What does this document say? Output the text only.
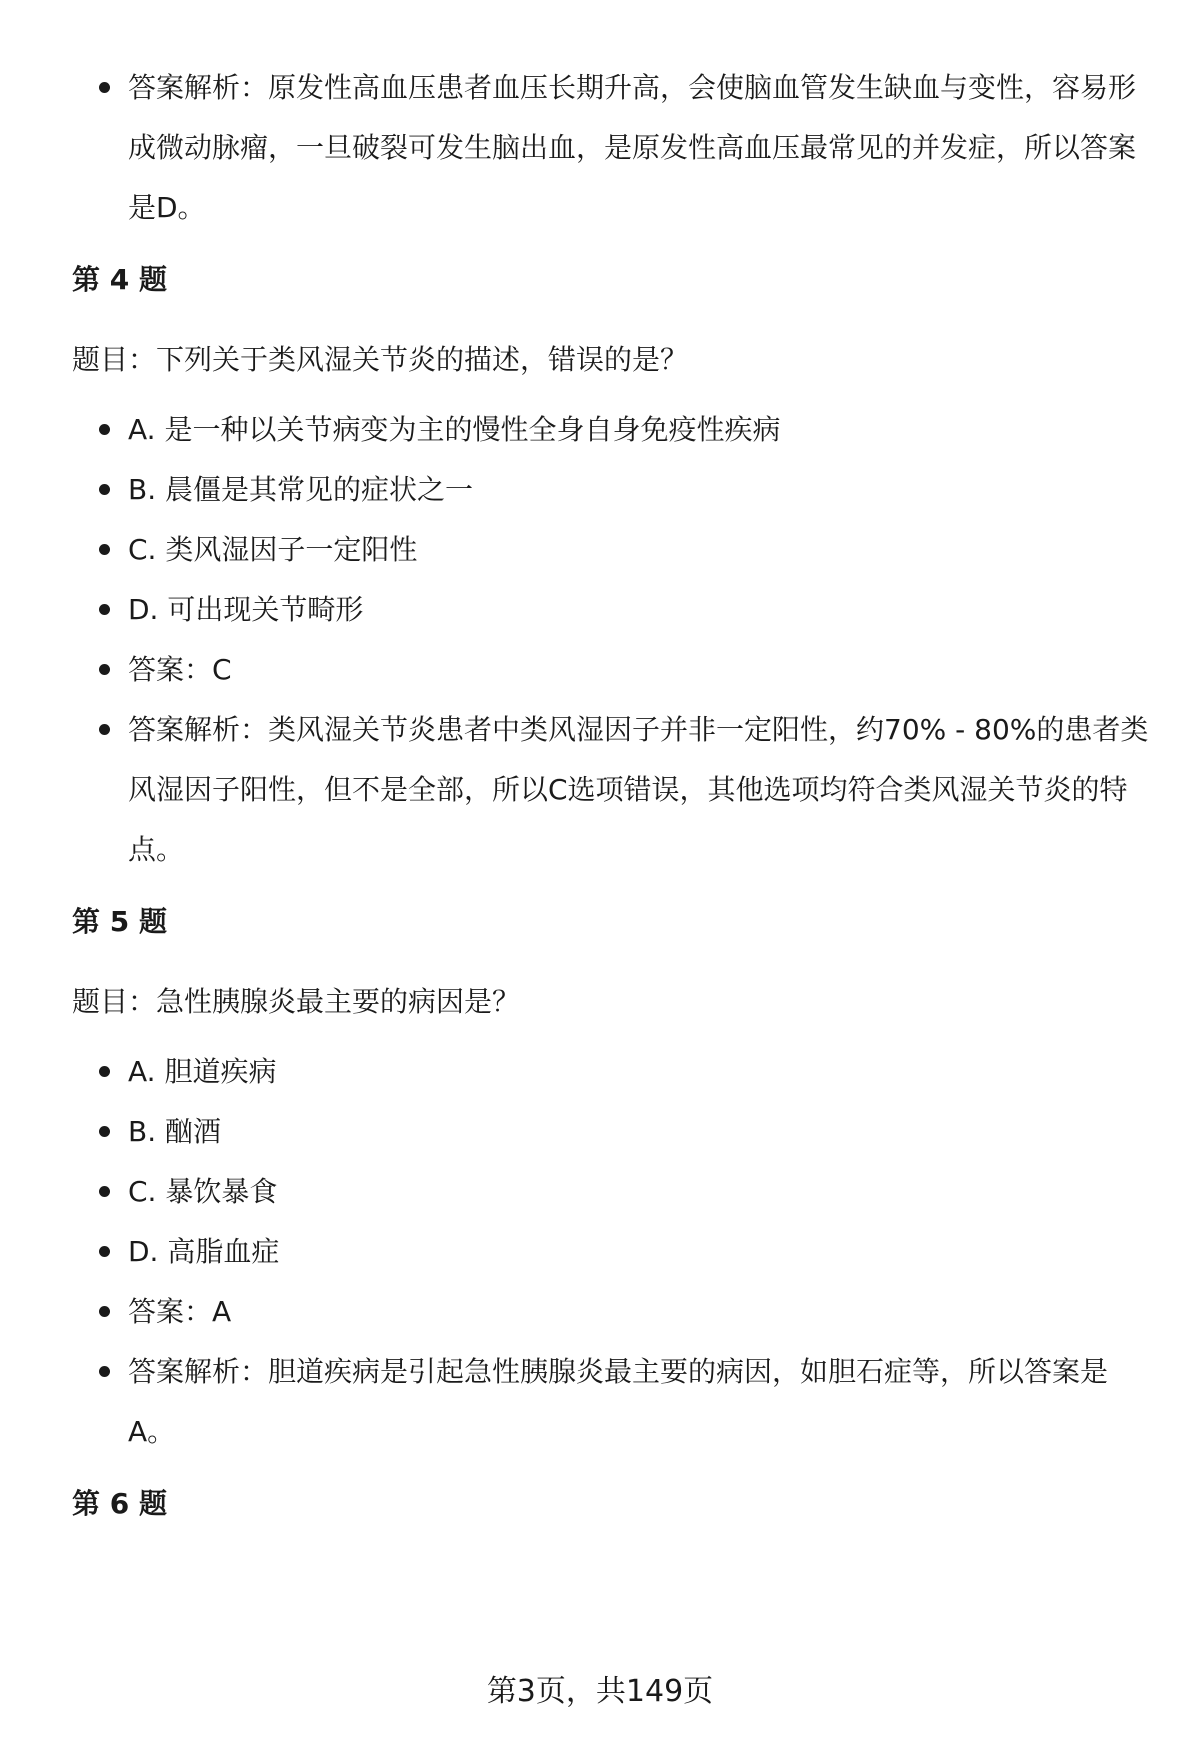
答案解析：原发性高血压患者血压长期升高，会使脑血管发生缺血与变性，容易形成微动脉瘤，一旦破裂可发生脑出血，是原发性高血压最常见的并发症，所以答案是D。
第 4 题
题目：下列关于类风湿关节炎的描述，错误的是？
A. 是一种以关节病变为主的慢性全身自身免疫性疾病
B. 晨僵是其常见的症状之一
C. 类风湿因子一定阳性
D. 可出现关节畸形
答案：C
答案解析：类风湿关节炎患者中类风湿因子并非一定阳性，约70% - 80%的患者类风湿因子阳性，但不是全部，所以C选项错误，其他选项均符合类风湿关节炎的特点。
第 5 题
题目：急性胰腺炎最主要的病因是？
A. 胆道疾病
B. 酗酒
C. 暴饮暴食
D. 高脂血症
答案：A
答案解析：胆道疾病是引起急性胰腺炎最主要的病因，如胆石症等，所以答案是A。
第 6 题
第3页，共149页
